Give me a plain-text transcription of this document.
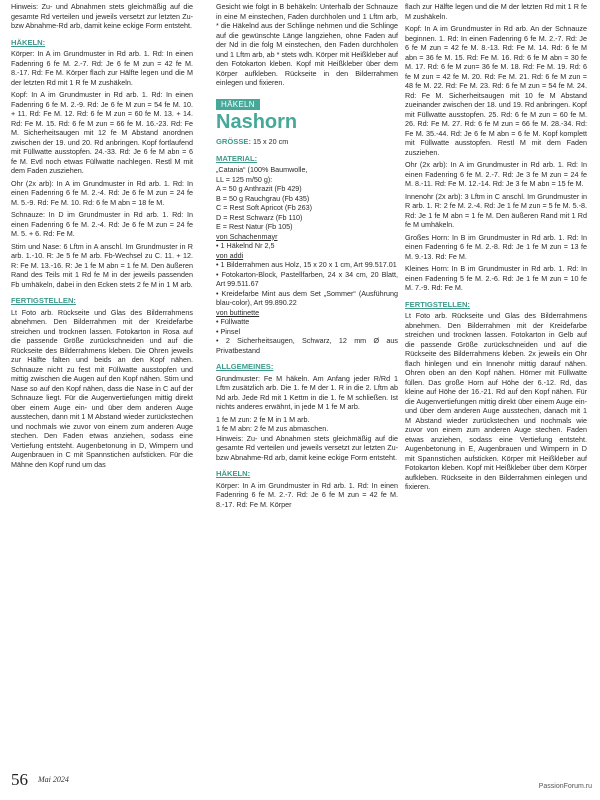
Hinweis: Zu- und Abnahmen stets gleichmäßig auf die gesamte Rd verteilen und jeweils versetzt zur letzten Zu- bzw Abnahme-Rd arb, damit keine eckige Form entsteht.

HÄKELN:

Körper: In A im Grundmuster in Rd arb. 1. Rd: In einen Fadenring 6 fe M. 2.-7. Rd: Je 6 fe M zun = 42 fe M. 8.-17. Rd: Fe M. Körper flach zur Hälfte legen und die M der letzten Rd mit 1 R fe M zushäkeln.

Kopf: In A im Grundmuster in Rd arb. 1. Rd: In einen Fadenring 6 fe M. 2.-9. Rd: Je 6 fe M zun = 54 fe M. 10. + 11. Rd: Fe M. 12. Rd: 6 fe M zun = 60 fe M. 13. + 14. Rd: Fe M. 15. Rd: 6 fe M zun = 66 fe M. 16.-23. Rd: Fe M. Sicherheitsaugen mit 12 fe M Abstand anordnen zwischen der 19. und 20. Rd anbringen. Kopf fortlaufend mit Füllwatte ausstopfen. 24.-33. Rd: Je 6 fe M abn = 6 fe M. Evtl noch etwas Füllwatte nachlegen. Restl M mit dem Faden zusziehen.

Ohr (2x arb): In A im Grundmuster in Rd arb. 1. Rd: In einen Fadenring 6 fe M. 2.-4. Rd: Je 6 fe M zun = 24 fe M. 5.-9. Rd: Fe M. 10. Rd: 6 fe M abn = 18 fe M.

Schnauze: In D im Grundmuster in Rd arb. 1. Rd: In einen Fadenring 6 fe M. 2.-4. Rd: Je 6 fe M zun = 24 fe M. 5. + 6. Rd: Fe M.

Stirn und Nase: 6 Lftm in A anschl. Im Grundmuster in R arb. 1.-10. R: Je 5 fe M arb. Fb-Wechsel zu C. 11. + 12. R: Fe M. 13.-16. R: Je 1 fe M abn = 1 fe M. Den äußeren Rand des Teils mit 1 Rd fe M in der jeweils passenden Fb umhäkeln, dabei in den Ecken stets 2 fe M in 1 M arb.

FERTIGSTELLEN:

Lt Foto arb. Rückseite und Glas des Bilderrahmens abnehmen. Den Bilderrahmen mit der Kreidefarbe streichen und trocknen lassen. Fotokarton in Rosa auf die passende Größe zurückschneiden und auf die Rückseite des Bilderrahmens kleben. Die Ohren jeweils zur Hälfte falten und beids an den Kopf nähen. Schnauze nicht zu fest mit Füllwatte ausstopfen und mittig zwischen die Augen auf den Kopf nähen. Stirn und Nase so auf den Kopf nähen, dass die Nase in C auf der Schnauze liegt. Für die Augenvertiefungen mittig direkt über einem Auge ein- und über dem anderen Auge ausstechen, dann mit 1 M Abstand wieder zurückstechen und nochmals wie zuvor von einem zum anderen Auge stechen. Den Faden etwas anziehen, sodass eine Vertiefung entsteht. Augenbetonung in D, Wimpern und Augenbrauen in C mit Spannstichen aufsticken. Für die Mähne den Kopf rund um das

Gesicht wie folgt in B behäkeln: Unterhalb der Schnauze in eine M einstechen, Faden durchholen und 1 Lftm arb, * die Häkelnd aus der Schlinge nehmen und die Schlinge auf die gewünschte Länge langziehen, ohne Faden auf der Nd in die folg M einstechen, den Faden durchholen und 1 Lftm arb, ab * stets wdh. Körper mit Heißkleber auf den Fotokarton kleben. Kopf mit Heißkleber über dem Körper aufkleben. Rückseite in den Bilderrahmen einlegen und fixieren.

HÄKELN
Nashorn

GRÖSSE: 15 x 20 cm

MATERIAL:
„Catania“ (100% Baumwolle,
LL = 125 m/50 g):
A = 50 g Anthrazit (Fb 429)
B = 50 g Rauchgrau (Fb 435)
C = Rest Soft Apricot (Fb 263)
D = Rest Schwarz (Fb 110)
E = Rest Natur (Fb 105)
von Schachenmayr
• 1 Häkelnd Nr 2,5
von addi
• 1 Bilderrahmen aus Holz, 15 x 20 x 1 cm, Art 99.517.01
• Fotokarton-Block, Pastellfarben, 24 x 34 cm, 20 Blatt, Art 99.511.67
• Kreidefarbe Mint aus dem Set „Sommer“ (Ausführung blau-color), Art 99.890.22
von buttinette
• Füllwatte
• Pinsel
• 2 Sicherheitsaugen, Schwarz, 12 mm Ø aus Privatbestand
ALLGEMEINES:

Grundmuster: Fe M häkeln. Am Anfang jeder R/Rd 1 Lftm zusätzlich arb. Die 1. fe M der 1. R in die 2. Lftm ab Nd arb. Jede Rd mit 1 Kettm in die 1. fe M schließen. Ist nichts anderes erwähnt, in jede M 1 fe M arb.

1 fe M zun: 2 fe M in 1 M arb.

1 fe M abn: 2 fe M zus abmaschen.

Hinweis: Zu- und Abnahmen stets gleichmäßig auf die gesamte Rd verteilen und jeweils versetzt zur letzten Zu- bzw Abnahme-Rd arb, damit keine eckige Form entsteht.

HÄKELN:

Körper: In A im Grundmuster in Rd arb. 1. Rd: In einen Fadenring 6 fe M. 2.-7. Rd: Je 6 fe M zun = 42 fe M. 8.-17. Rd: Fe M. Körper

flach zur Hälfte legen und die M der letzten Rd mit 1 R fe M zushäkeln.

Kopf: In A im Grundmuster in Rd arb. An der Schnauze beginnen. 1. Rd: In einen Fadenring 6 fe M. 2.-7. Rd: Je 6 fe M zun = 42 fe M. 8.-13. Rd: Fe M. 14. Rd: 6 fe M abn = 36 fe M. 15. Rd: Fe M. 16. Rd: 6 fe M abn = 30 fe M. 17. Rd: 6 fe M zun= 36 fe M. 18. Rd: Fe M. 19. Rd: 6 fe M zun = 42 fe M. 20. Rd: Fe M. 21. Rd: 6 fe M zun = 48 fe M. 22. Rd: Fe M. 23. Rd: 6 fe M zun = 54 fe M. 24. Rd: Fe M. Sicherheitsaugen mit 10 fe M Abstand zueinander zwischen der 18. und 19. Rd anbringen. Kopf mit Füllwatte ausstopfen. 25. Rd: 6 fe M zun = 60 fe M. 26. Rd: Fe M. 27. Rd: 6 fe M zun = 66 fe M. 28.-34. Rd: Fe M. 35.-44. Rd: Je 6 fe M abn = 6 fe M. Kopf komplett mit Füllwatte ausstopfen. Restl M mit dem Faden zusziehen.

Ohr (2x arb): In A im Grundmuster in Rd arb. 1. Rd: In einen Fadenring 6 fe M. 2.-7. Rd: Je 3 fe M zun = 24 fe M. 8.-11. Rd: Fe M. 12.-14. Rd: Je 3 fe M abn = 15 fe M.

Innenohr (2x arb): 3 Lftm in C anschl. Im Grundmuster in R arb. 1. R: 2 fe M. 2.-4. Rd: Je 1 fe M zun = 5 fe M. 5.-8. Rd: Je 1 fe M abn = 1 fe M. Den äußeren Rand mit 1 Rd fe M umhäkeln.

Großes Horn: In B im Grundmuster in Rd arb. 1. Rd: In einen Fadenring 6 fe M. 2.-8. Rd: Je 1 fe M zun = 13 fe M. 9.-13. Rd: Fe M.

Kleines Horn: In B im Grundmuster in Rd arb. 1. Rd: In einen Fadenring 5 fe M. 2.-6. Rd: Je 1 fe M zun = 10 fe M. 7.-9. Rd: Fe M.

FERTIGSTELLEN:

Lt Foto arb. Rückseite und Glas des Bilderrahmens abnehmen. Den Bilderrahmen mit der Kreidefarbe streichen und trocknen lassen. Fotokarton in Gelb auf die passende Größe zurückschneiden und auf die Rückseite des Bilderrahmens kleben. 2x jeweils ein Ohr flach hinlegen und ein Innenohr mittig darauf nähen. Ohren oben an den Kopf nähen. Hörner mit Füllwatte füllen. Das große Horn auf Höhe der 6.-12. Rd, das kleine auf Höhe der 16.-21. Rd auf den Kopf nähen. Für die Augenvertiefungen mittig direkt über einem Auge ein- und über dem anderen Auge ausstechen, danach mit 1 M Abstand wieder zurückstechen und nochmals wie zuvor von einem zum anderen Auge stechen. Faden etwas anziehen, sodass eine Vertiefung entsteht. Augenbetonung in E, Augenbrauen und Wimpern in D mit Spannstichen aufsticken. Körper mit Heißkleber auf Fotokarton kleben. Kopf mit Heißkleber über dem Körper aufkleben. Rückseite in den Bilderrahmen einlegen und fixieren.

56 Mai 2024
PassionForum.ru
